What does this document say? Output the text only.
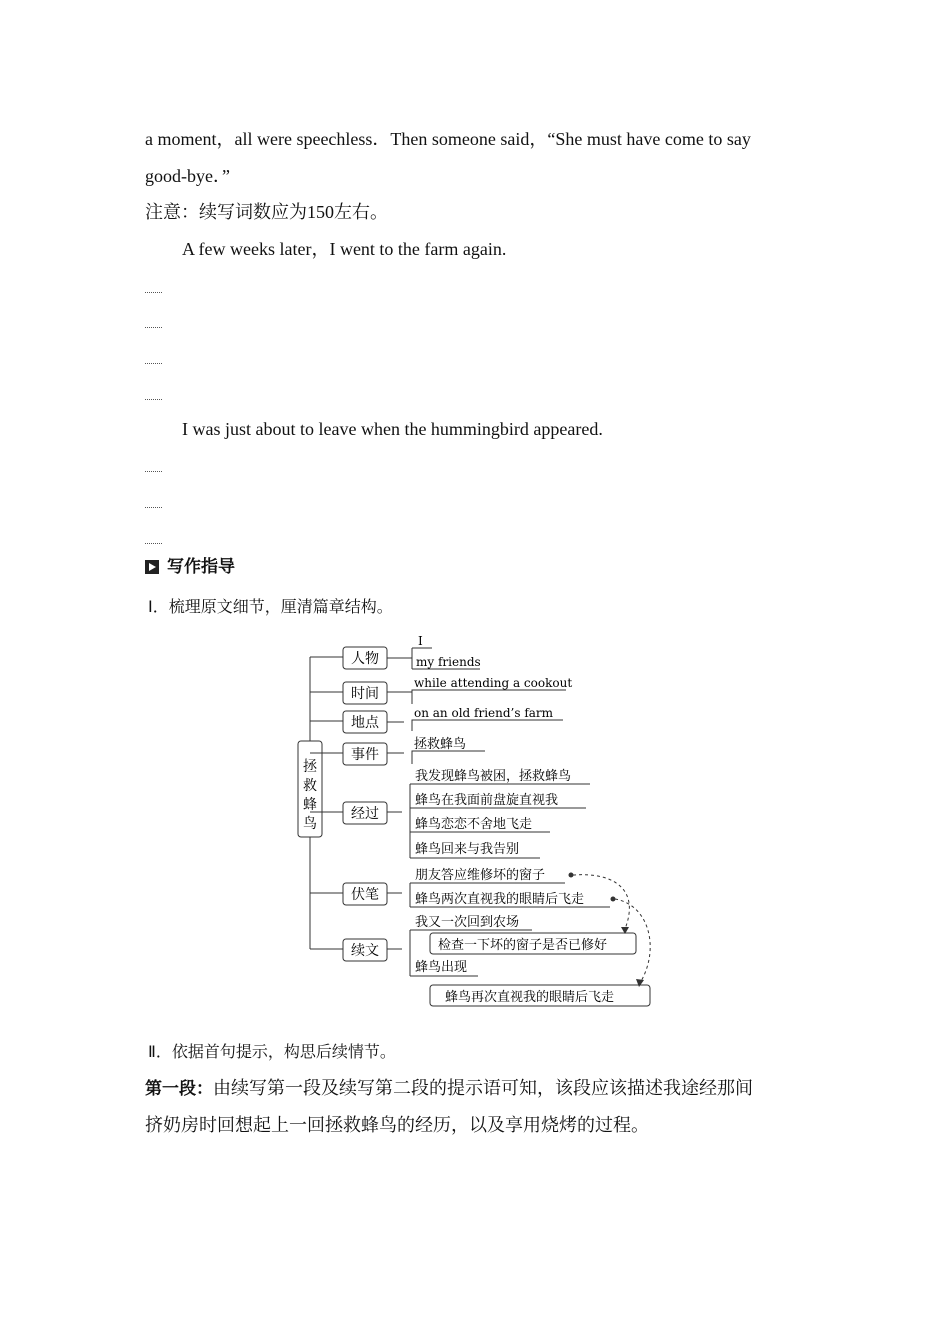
a moment，all were speechless．Then someone said，“She must have come to say
good-bye．”
注意：续写词数应为150左右。
A few weeks later，I went to the farm again.
I was just about to leave when the hummingbird appeared.
写作指导
Ⅰ．梳理原文细节，厘清篇章结构。
拯
救
蜂
鸟
人物
时间
地点
事件
经过
伏笔
续文
I
my friends
while attending a cookout
on an old friend’s farm
拯救蜂鸟
我发现蜂鸟被困，拯救蜂鸟
蜂鸟在我面前盘旋直视我
蜂鸟恋恋不舍地飞走
蜂鸟回来与我告别
朋友答应维修坏的窗子
蜂鸟两次直视我的眼睛后飞走
我又一次回到农场
检查一下坏的窗子是否已修好
蜂鸟出现
蜂鸟再次直视我的眼睛后飞走
Ⅱ．依据首句提示，构思后续情节。
第一段：由续写第一段及续写第二段的提示语可知，该段应该描述我途经那间
挤奶房时回想起上一回拯救蜂鸟的经历，以及享用烧烤的过程。
